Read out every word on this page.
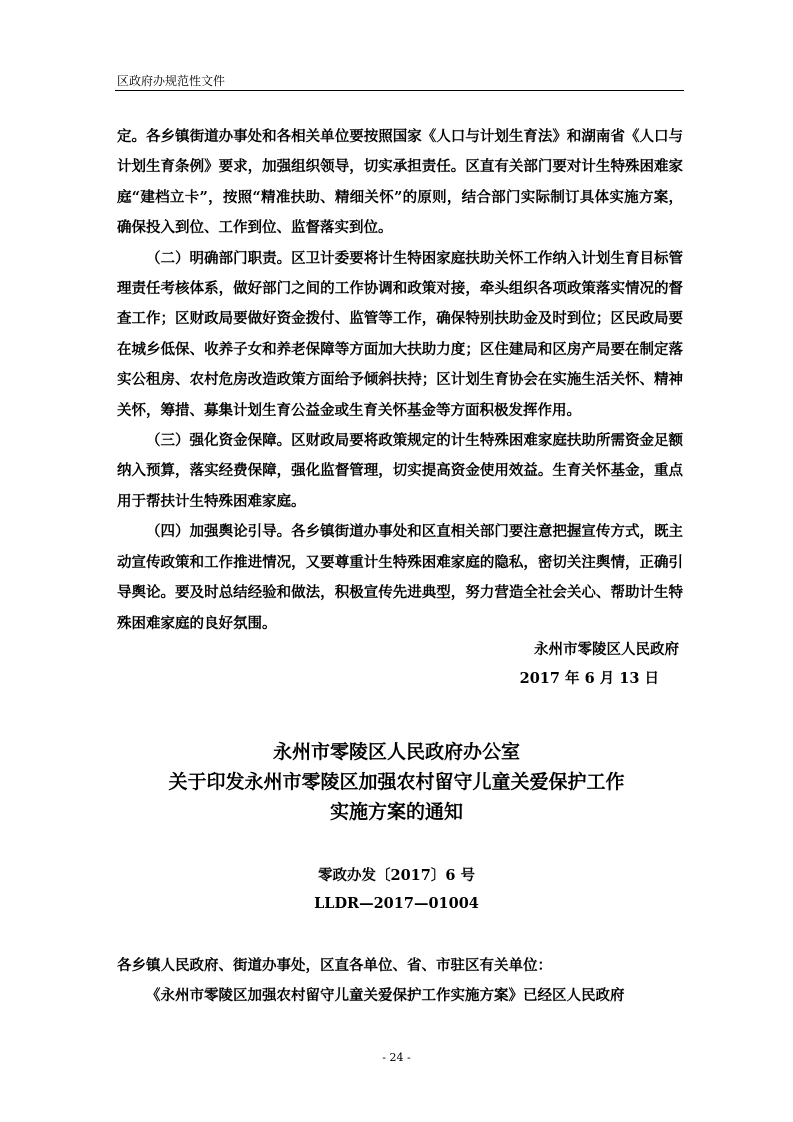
区政府办规范性文件

定。各乡镇街道办事处和各相关单位要按照国家《人口与计划生育法》和湖南省《人口与计划生育条例》要求，加强组织领导，切实承担责任。区直有关部门要对计生特殊困难家庭“建档立卡”，按照“精准扶助、精细关怀”的原则，结合部门实际制订具体实施方案，确保投入到位、工作到位、监督落实到位。

（二）明确部门职责。区卫计委要将计生特困家庭扶助关怀工作纳入计划生育目标管理责任考核体系，做好部门之间的工作协调和政策对接，牵头组织各项政策落实情况的督查工作；区财政局要做好资金拨付、监管等工作，确保特别扶助金及时到位；区民政局要在城乡低保、收养子女和养老保障等方面加大扶助力度；区住建局和区房产局要在制定落实公租房、农村危房改造政策方面给予倾斜扶持；区计划生育协会在实施生活关怀、精神关怀，筹措、募集计划生育公益金或生育关怀基金等方面积极发挥作用。

（三）强化资金保障。区财政局要将政策规定的计生特殊困难家庭扶助所需资金足额纳入预算，落实经费保障，强化监督管理，切实提高资金使用效益。生育关怀基金，重点用于帮扶计生特殊困难家庭。

（四）加强舆论引导。各乡镇街道办事处和区直相关部门要注意把握宣传方式，既主动宣传政策和工作推进情况，又要尊重计生特殊困难家庭的隐私，密切关注舆情，正确引导舆论。要及时总结经验和做法，积极宣传先进典型，努力营造全社会关心、帮助计生特殊困难家庭的良好氛围。

永州市零陵区人民政府
2017 年 6 月 13 日
永州市零陵区人民政府办公室
关于印发永州市零陵区加强农村留守儿童关爱保护工作
实施方案的通知
零政办发〔2017〕6 号
LLDR—2017—01004
各乡镇人民政府、街道办事处，区直各单位、省、市驻区有关单位：
《永州市零陵区加强农村留守儿童关爱保护工作实施方案》已经区人民政府
- 24 -
